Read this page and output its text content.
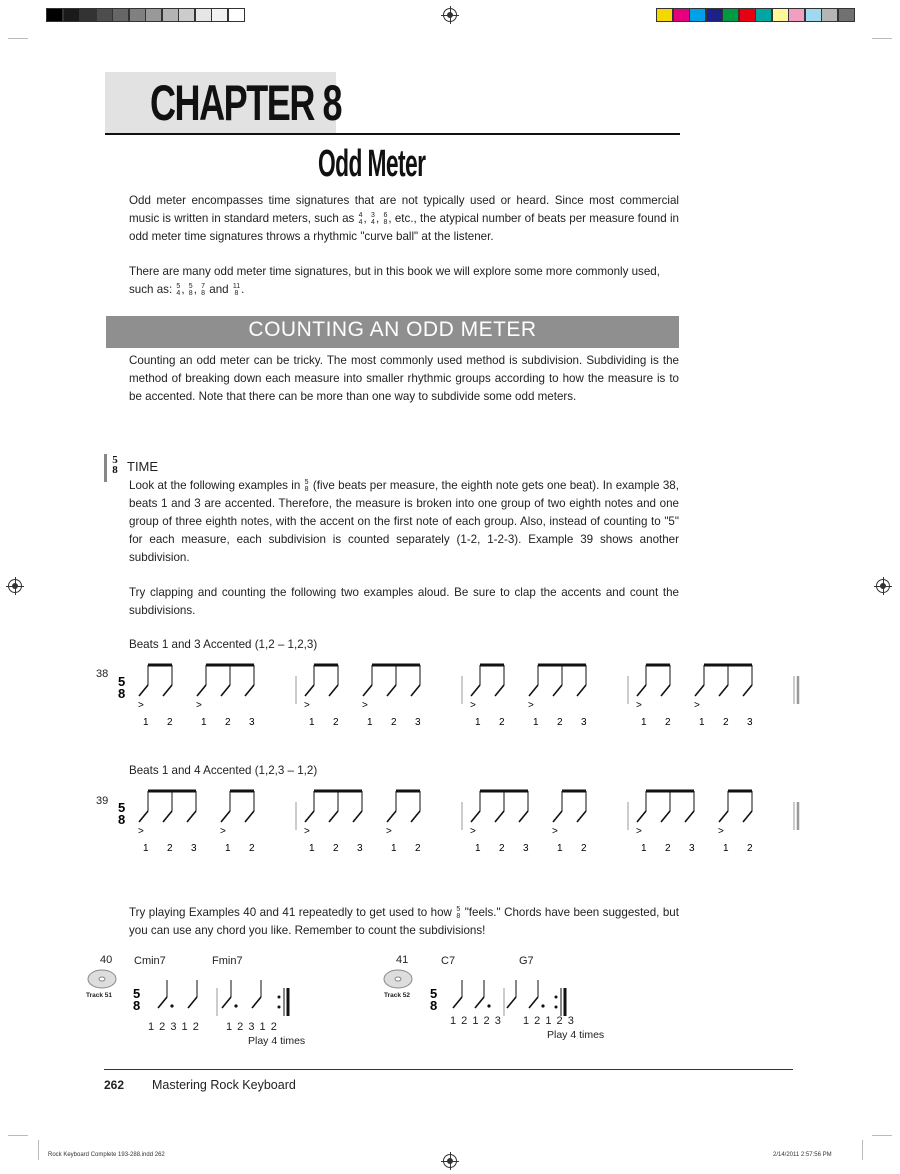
CHAPTER 8
Odd Meter
Odd meter encompasses time signatures that are not typically used or heard. Since most commercial music is written in standard meters, such as 4
4, 3
4, 6
8, etc., the atypical number of beats per measure found in odd meter time signatures throws a rhythmic "curve ball" at the listener.
There are many odd meter time signatures, but in this book we will explore some more commonly used, such as: 5
4, 5
8, 7
8 and 11
8 .
COUNTING AN ODD METER
Counting an odd meter can be tricky. The most commonly used method is subdivision. Subdividing is the method of breaking down each measure into smaller rhythmic groups according to how the measure is to be accented. Note that there can be more than one way to subdivide some odd meters.
5
8 TIME
Look at the following examples in 5
8 (five beats per measure, the eighth note gets one beat). In example 38, beats 1 and 3 are accented. Therefore, the measure is broken into one group of two eighth notes and one group of three eighth notes, with the accent on the first note of each group. Also, instead of counting to "5" for each measure, each subdivision is counted separately (1-2, 1-2-3). Example 39 shows another subdivision.
Try clapping and counting the following two examples aloud. Be sure to clap the accents and count the subdivisions.
Beats 1 and 3 Accented (1,2 – 1,2,3)
38 5
8
>
1 2
>
1 2 3
>
1 2
>
1 2 3
>
1 2
>
1 2 3
>
1 2
>
1 2 3
Beats 1 and 4 Accented (1,2,3 – 1,2)
39 5
8
>
1 2 3
>
1 2
>
1 2 3
>
1 2
>
1 2 3
>
1 2
>
1 2 3
>
1 2
Try playing Examples 40 and 41 repeatedly to get used to how 5
8 "feels." Chords have been suggested, but you can use any chord you like. Remember to count the subdivisions!
40
Track 51
Cmin7	Fmin7
5
8
1 2 3 1 2 1 2 3 1 2
Play 4 times
41
Track 52
C7	G7
5
8
1 2 1 2 3 1 2 1 2 3
Play 4 times
262 Mastering Rock Keyboard
Rock Keyboard Complete 193-288.indd 262	2/14/2011 2:57:56 PM
